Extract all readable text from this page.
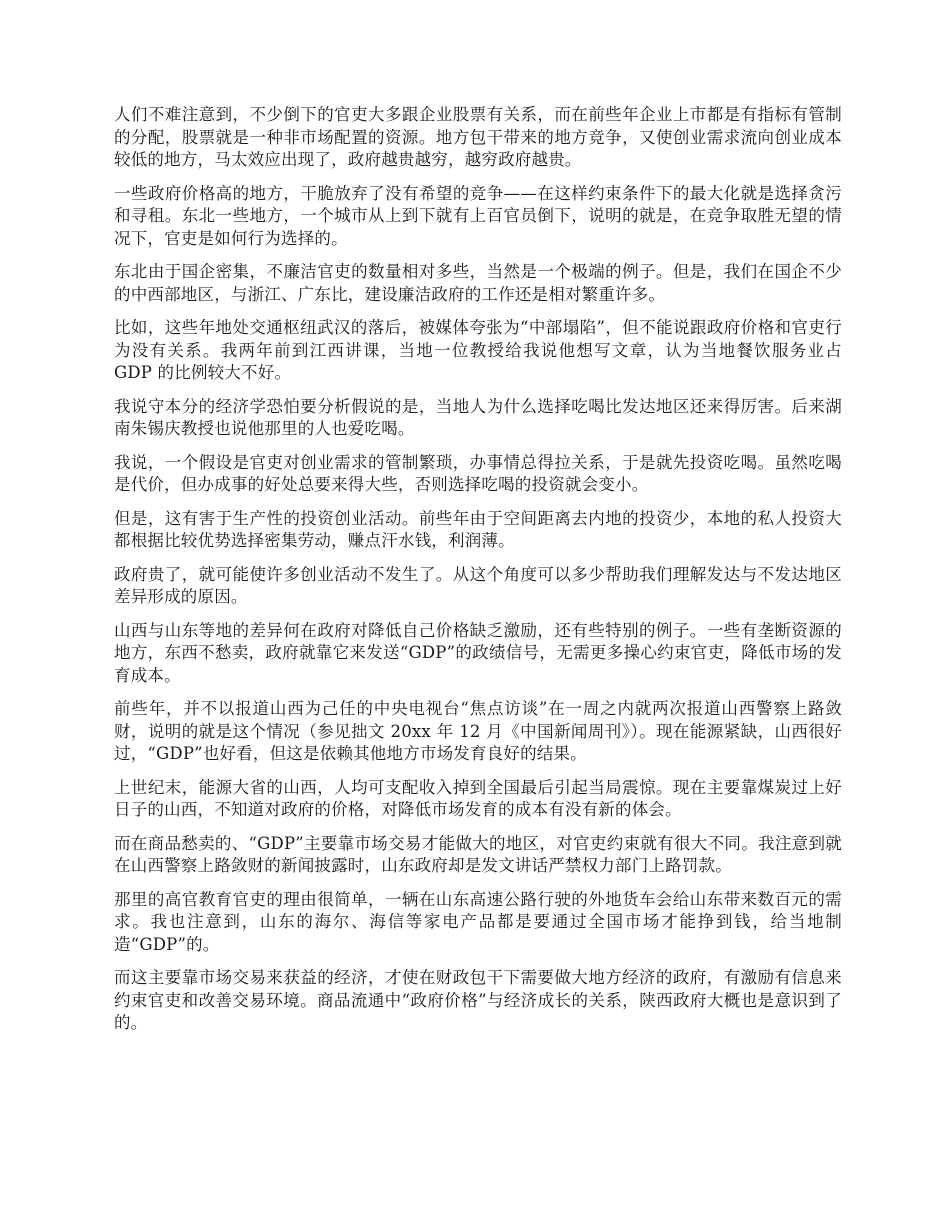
人们不难注意到，不少倒下的官吏大多跟企业股票有关系，而在前些年企业上市都是有指标有管制的分配，股票就是一种非市场配置的资源。地方包干带来的地方竞争，又使创业需求流向创业成本较低的地方，马太效应出现了，政府越贵越穷，越穷政府越贵。

一些政府价格高的地方，干脆放弃了没有希望的竞争——在这样约束条件下的最大化就是选择贪污和寻租。东北一些地方，一个城市从上到下就有上百官员倒下，说明的就是，在竞争取胜无望的情况下，官吏是如何行为选择的。

东北由于国企密集，不廉洁官吏的数量相对多些，当然是一个极端的例子。但是，我们在国企不少的中西部地区，与浙江、广东比，建设廉洁政府的工作还是相对繁重许多。

比如，这些年地处交通枢纽武汉的落后，被媒体夸张为“中部塌陷”，但不能说跟政府价格和官吏行为没有关系。我两年前到江西讲课，当地一位教授给我说他想写文章，认为当地餐饮服务业占 GDP 的比例较大不好。

我说守本分的经济学恐怕要分析假说的是，当地人为什么选择吃喝比发达地区还来得厉害。后来湖南朱锡庆教授也说他那里的人也爱吃喝。

我说，一个假设是官吏对创业需求的管制繁琐，办事情总得拉关系，于是就先投资吃喝。虽然吃喝是代价，但办成事的好处总要来得大些，否则选择吃喝的投资就会变小。

但是，这有害于生产性的投资创业活动。前些年由于空间距离去内地的投资少，本地的私人投资大都根据比较优势选择密集劳动，赚点汗水钱，利润薄。

政府贵了，就可能使许多创业活动不发生了。从这个角度可以多少帮助我们理解发达与不发达地区差异形成的原因。

山西与山东等地的差异何在政府对降低自己价格缺乏激励，还有些特别的例子。一些有垄断资源的地方，东西不愁卖，政府就靠它来发送“GDP”的政绩信号，无需更多操心约束官吏，降低市场的发育成本。

前些年，并不以报道山西为己任的中央电视台“焦点访谈”在一周之内就两次报道山西警察上路敛财，说明的就是这个情况（参见拙文 20xx 年 12 月《中国新闻周刊》）。现在能源紧缺，山西很好过，“GDP”也好看，但这是依赖其他地方市场发育良好的结果。

上世纪末，能源大省的山西，人均可支配收入掉到全国最后引起当局震惊。现在主要靠煤炭过上好日子的山西，不知道对政府的价格，对降低市场发育的成本有没有新的体会。

而在商品愁卖的、“GDP”主要靠市场交易才能做大的地区，对官吏约束就有很大不同。我注意到就在山西警察上路敛财的新闻披露时，山东政府却是发文讲话严禁权力部门上路罚款。

那里的高官教育官吏的理由很简单，一辆在山东高速公路行驶的外地货车会给山东带来数百元的需求。我也注意到，山东的海尔、海信等家电产品都是要通过全国市场才能挣到钱，给当地制造“GDP”的。

而这主要靠市场交易来获益的经济，才使在财政包干下需要做大地方经济的政府，有激励有信息来约束官吏和改善交易环境。商品流通中“政府价格”与经济成长的关系，陕西政府大概也是意识到了的。
